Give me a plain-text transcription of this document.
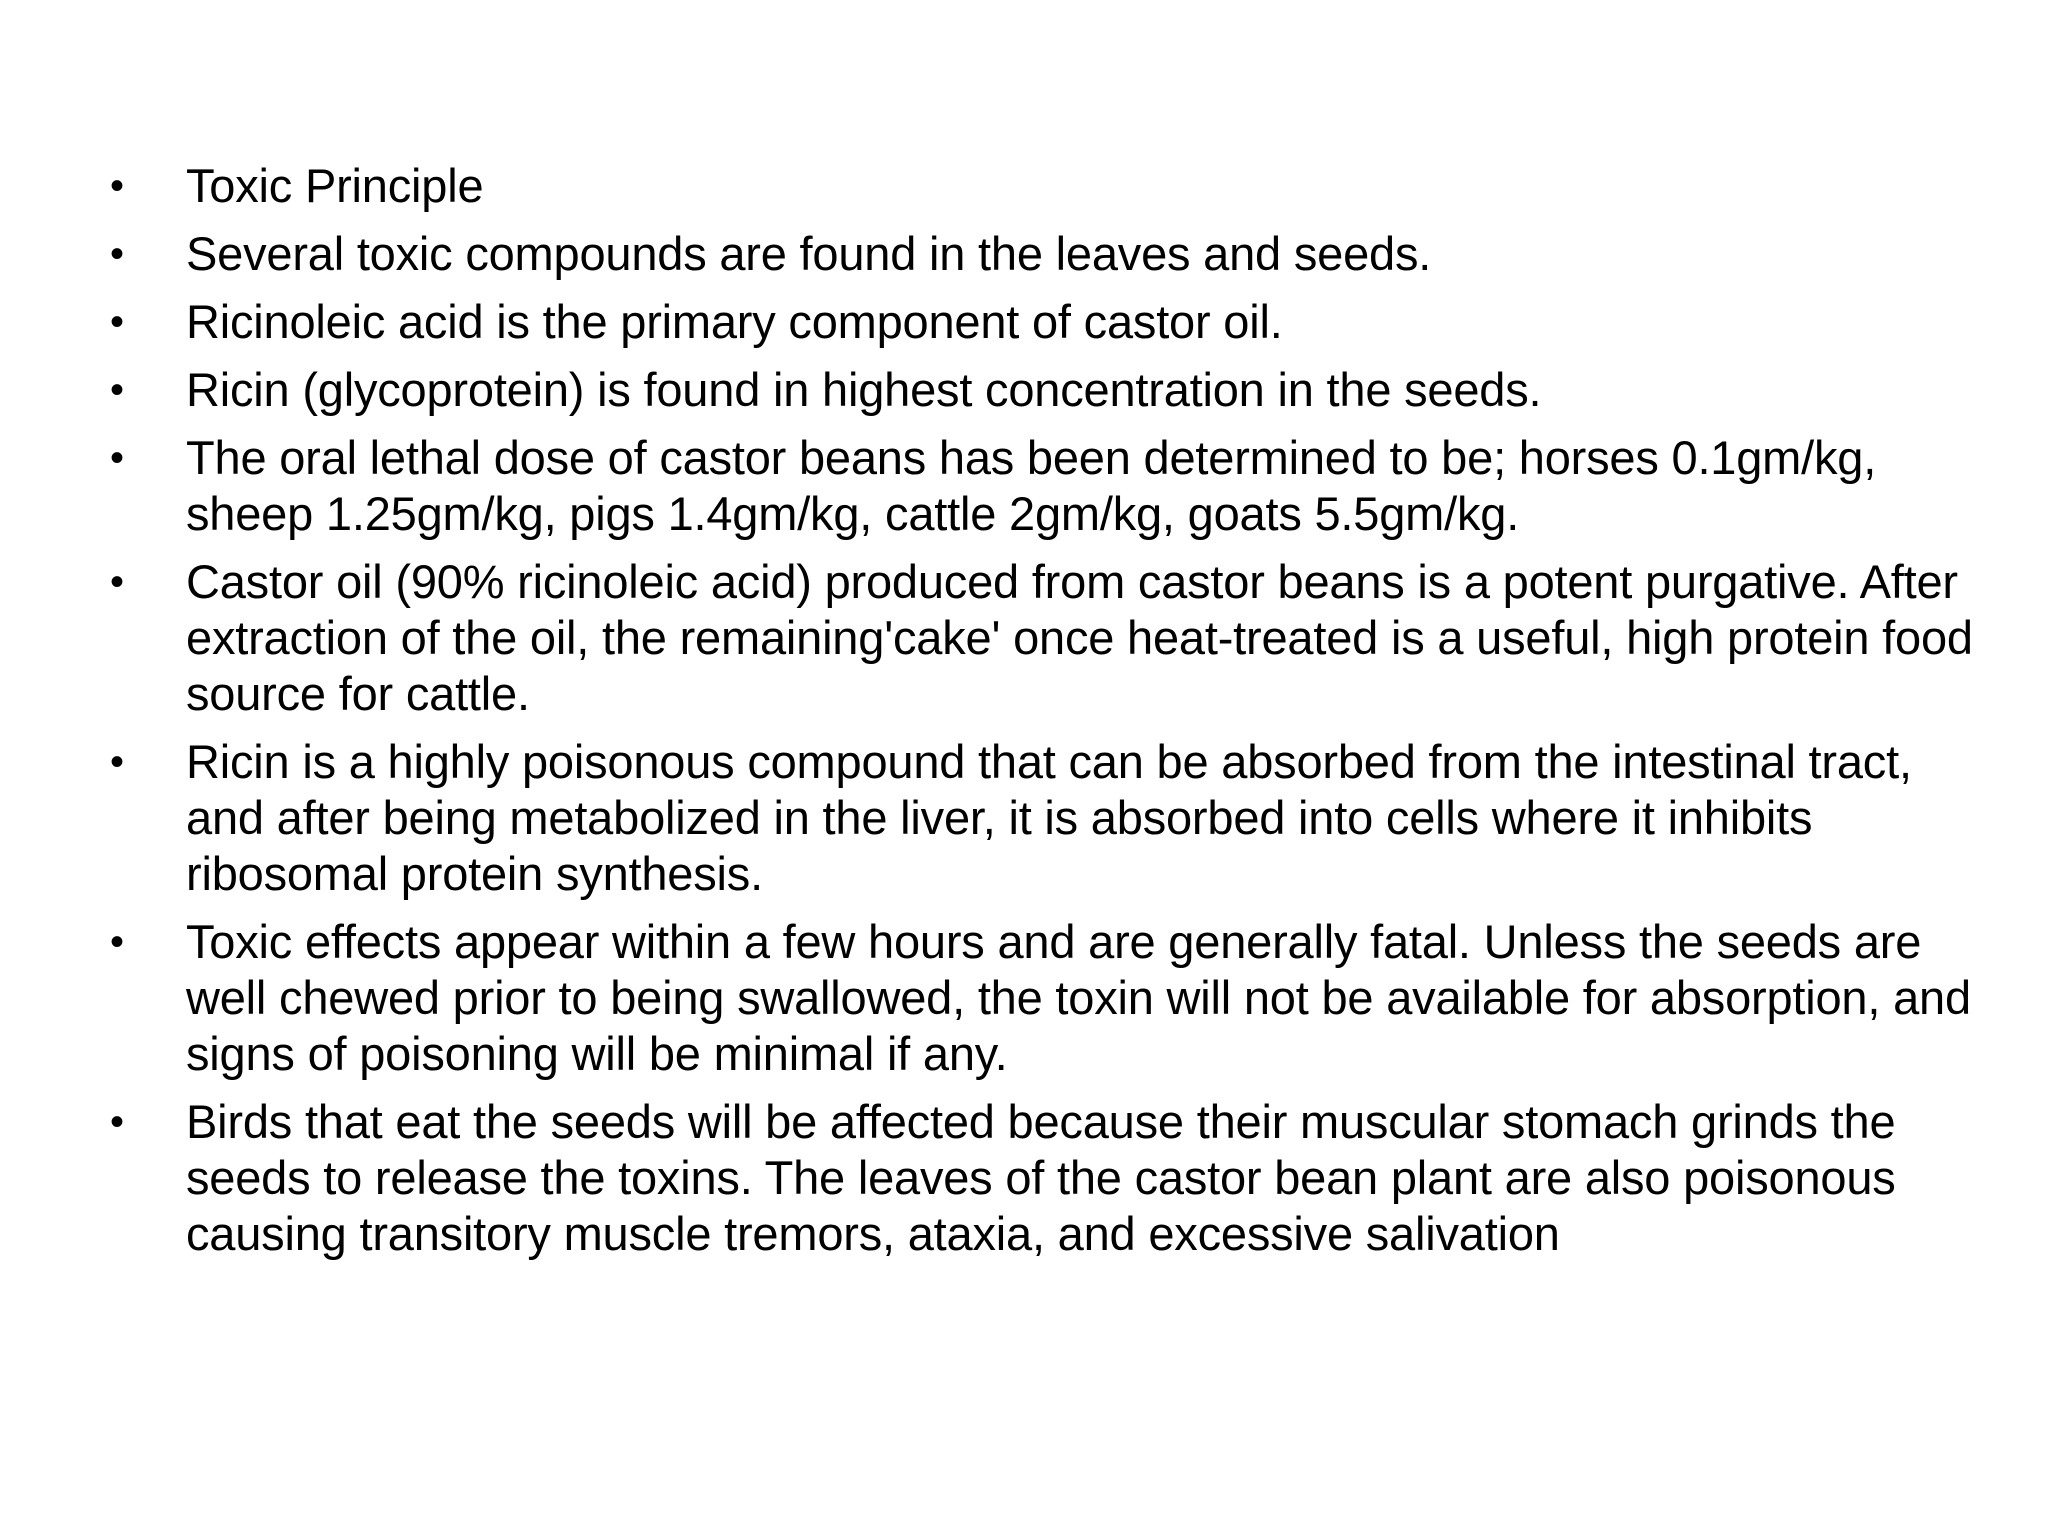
•	Toxic Principle
•	Several toxic compounds are found in the leaves and seeds.
•	Ricinoleic acid is the primary component of castor oil.
•	Ricin (glycoprotein) is found in highest concentration in the seeds.
•	The oral lethal dose of castor beans has been determined to be; horses 0.1gm/kg, sheep 1.25gm/kg, pigs 1.4gm/kg, cattle 2gm/kg, goats 5.5gm/kg.
•	Castor oil (90% ricinoleic acid) produced from castor beans is a potent purgative. After extraction of the oil, the remaining'cake' once heat-treated is a useful, high protein food source for cattle.
•	Ricin is a highly poisonous compound that can be absorbed from the intestinal tract, and after being metabolized in the liver, it is absorbed into cells where it inhibits ribosomal protein synthesis.
•	Toxic effects appear within a few hours and are generally fatal. Unless the seeds are well chewed prior to being swallowed, the toxin will not be available for absorption, and signs of poisoning will be minimal if any.
•	Birds that eat the seeds will be affected because their muscular stomach grinds the seeds to release the toxins. The leaves of the castor bean plant are also poisonous causing transitory muscle tremors, ataxia, and excessive salivation
